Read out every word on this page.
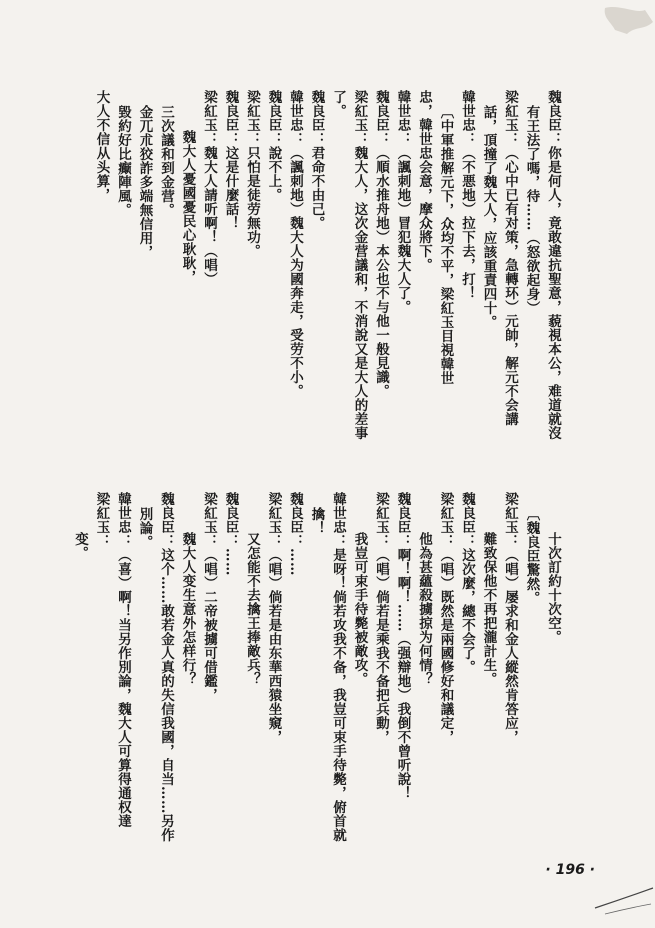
魏良臣：你是何人，竟敢違抗聖意，藐視本公，难道就沒
有王法了嗎，待……（怒欲起身）
梁紅玉：（心中已有对策，急轉环）元帥，解元不会講
話，頂撞了魏大人，应該重責四十。
韓世忠：（不悪地）拉下去，打！
〔中軍推解元下，众均不平，梁紅玉目視韓世
忠，韓世忠会意，摩众將下。
韓世忠：（諷刺地）冒犯魏大人了。
魏良臣：（順水推舟地）本公也不与他一般見識。
梁紅玉：魏大人，这次金营議和，不消說又是大人的差事
了。
魏良臣：君命不由己。
韓世忠：（諷刺地）魏大人为國奔走，受劳不小。
魏良臣：說不上。
梁紅玉：只怕是徒劳無功。
魏良臣：这是什麼話！
梁紅玉：魏大人請听啊！（唱）
魏大人憂國憂民心耿耿，
三次議和到金营。
金兀朮狡詐多端無信用，
毀約好比癫陣風。
大人不信从头算，
十次訂約十次空。
〔魏良臣驚然。
梁紅玉：（唱）屡求和金人縱然肯答应，
難致保他不再把瀧計生。
魏良臣：这次麼，總不会了。
梁紅玉：（唱）既然是兩國修好和議定，
他為甚蘊殺擄掠为何情？
魏良臣：啊！啊！……（强辯地）我倒不曾听說！
梁紅玉：（唱）倘若是乘我不备把兵動，
我豈可束手待斃被敵攻。
韓世忠：是呀！倘若攻我不备，我豈可束手待斃，俯首就
擒！
魏良臣：……
梁紅玉：（唱）倘若是由东華西猿坐窺，
又怎能不去擒王捧敵兵？
魏良臣：……
梁紅玉：（唱）二帝被擄可借鑑，
魏大人变生意外怎样行？
魏良臣：这个……敢若金人真的失信我國，自当……另作
別論。
韓世忠：（喜）啊！当另作別論，魏大人可算得通权達
梁紅玉：
变。
· 196 ·
